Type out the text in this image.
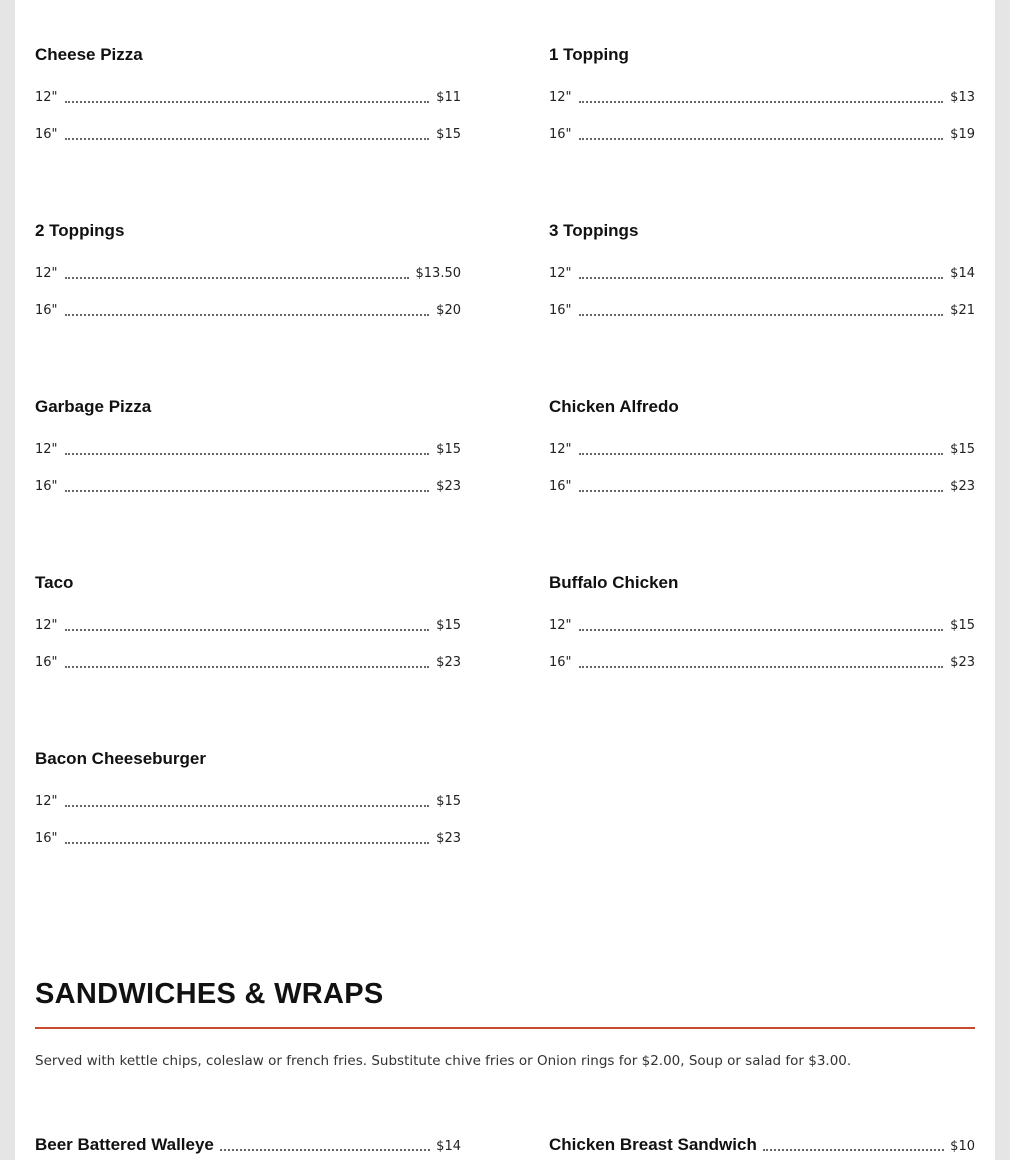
Cheese Pizza
12"	$11
16"	$15
1 Topping
12"	$13
16"	$19
2 Toppings
12"	$13.50
16"	$20
3 Toppings
12"	$14
16"	$21
Garbage Pizza
12"	$15
16"	$23
Chicken Alfredo
12"	$15
16"	$23
Taco
12"	$15
16"	$23
Buffalo Chicken
12"	$15
16"	$23
Bacon Cheeseburger
12"	$15
16"	$23
SANDWICHES & WRAPS
Served with kettle chips, coleslaw or french fries. Substitute chive fries or Onion rings for $2.00, Soup or salad for $3.00.
Beer Battered Walleye	$14	Chicken Breast Sandwich	$10
